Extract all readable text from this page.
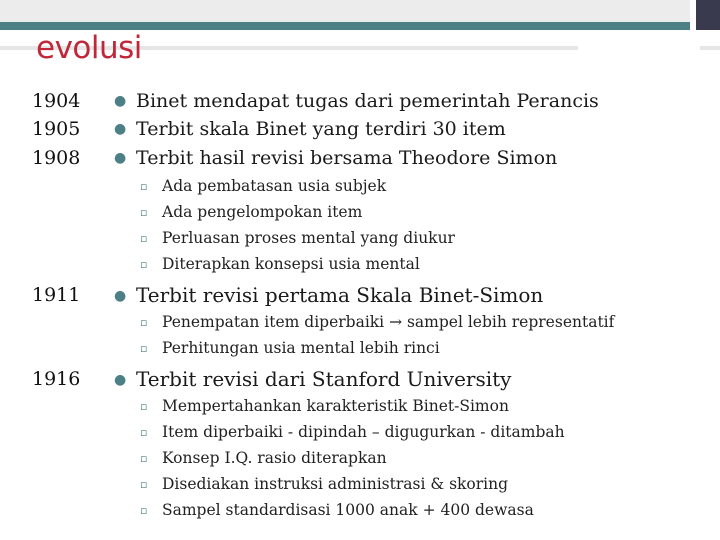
evolusi
1904
1905
1908
● Binet mendapat tugas dari pemerintah Perancis
● Terbit skala Binet yang terdiri 30 item
● Terbit hasil revisi bersama Theodore Simon
▫ Ada pembatasan usia subjek
▫ Ada pengelompokan item
▫ Perluasan proses mental yang diukur
▫ Diterapkan konsepsi usia mental
1911 ● Terbit revisi pertama Skala Binet-Simon
▫ Penempatan item diperbaiki → sampel lebih representatif
▫ Perhitungan usia mental lebih rinci
1916 ● Terbit revisi dari Stanford University
▫ Mempertahankan karakteristik Binet-Simon
▫ Item diperbaiki - dipindah – digugurkan - ditambah
▫ Konsep I.Q. rasio diterapkan
▫ Disediakan instruksi administrasi & skoring
▫ Sampel standardisasi 1000 anak + 400 dewasa
